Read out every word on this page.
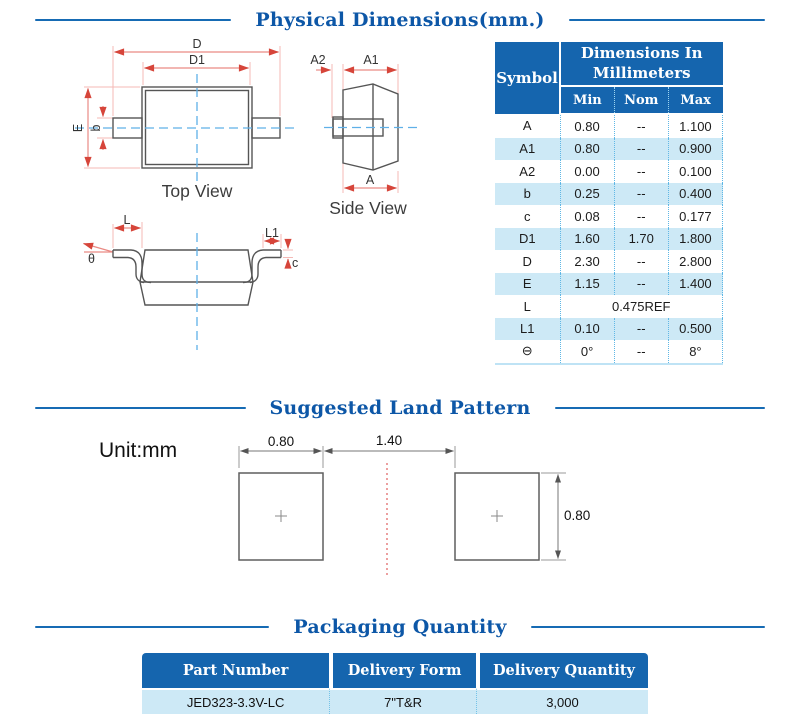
Physical Dimensions(mm.)
D
D1
E b
Top View
A2	A1
A
Side View
L
L1
c
θ
Symbol	Dimensions In Millimeters		
	Min	Nom	Max
A	0.80	--	1.100
A1	0.80	--	0.900
A2	0.00	--	0.100
b	0.25	--	0.400
c	0.08	--	0.177
D1	1.60	1.70	1.800
D	2.30	--	2.800
E	1.15	--	1.400
L	0.475REF		
L1	0.10	--	0.500
⊖	0°	--	8°
Suggested Land Pattern
Unit:mm	0.80	1.40
0.80
Packaging Quantity
Part Number	Delivery Form	Delivery Quantity
JED323-3.3V-LC	7"T&R	3,000
